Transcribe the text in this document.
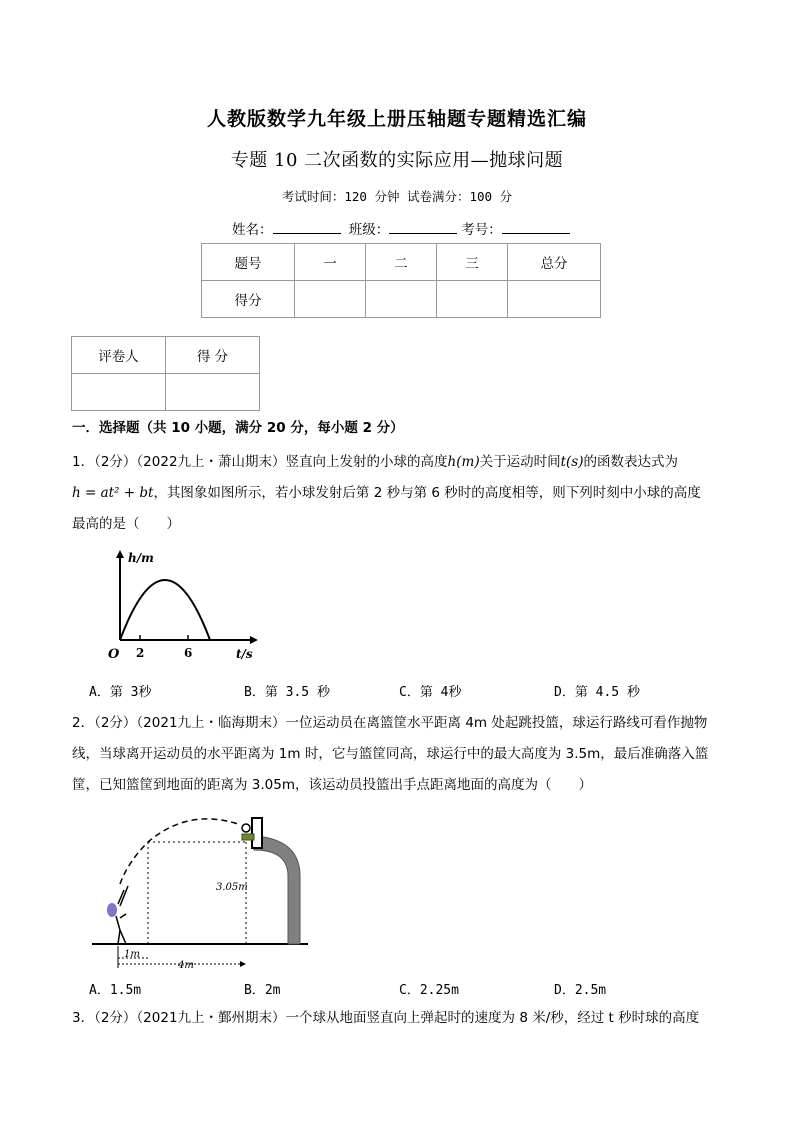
人教版数学九年级上册压轴题专题精选汇编
专题 10 二次函数的实际应用—抛球问题
考试时间：120 分钟 试卷满分：100 分
姓名：	班级：	考号：
题号	一	二	三	总分
得分				
评卷人	得 分

一．选择题（共 10 小题，满分 20 分，每小题 2 分）
1．（2分）（2022九上・萧山期末）竖直向上发射的小球的高度h(m)关于运动时间t(s)的函数表达式为
h = at² + bt，其图象如图所示，若小球发射后第 2 秒与第 6 秒时的高度相等，则下列时刻中小球的高度
最高的是（　　）
h/m
t/s
O 2	6
A．第 3秒	B．第 3.5 秒	C．第 4秒	D．第 4.5 秒
2．（2分）（2021九上・临海期末）一位运动员在离篮筐水平距离 4m 处起跳投篮，球运行路线可看作抛物
线，当球离开运动员的水平距离为 1m 时，它与篮筐同高，球运行中的最大高度为 3.5m，最后准确落入篮
筐，已知篮筐到地面的距离为 3.05m，该运动员投篮出手点距离地面的高度为（　　）
3.05m
1m
4m
A．1.5m	B．2m	C．2.25m	D．2.5m
3．（2分）（2021九上・鄞州期末）一个球从地面竖直向上弹起时的速度为 8 米/秒，经过 t 秒时球的高度
